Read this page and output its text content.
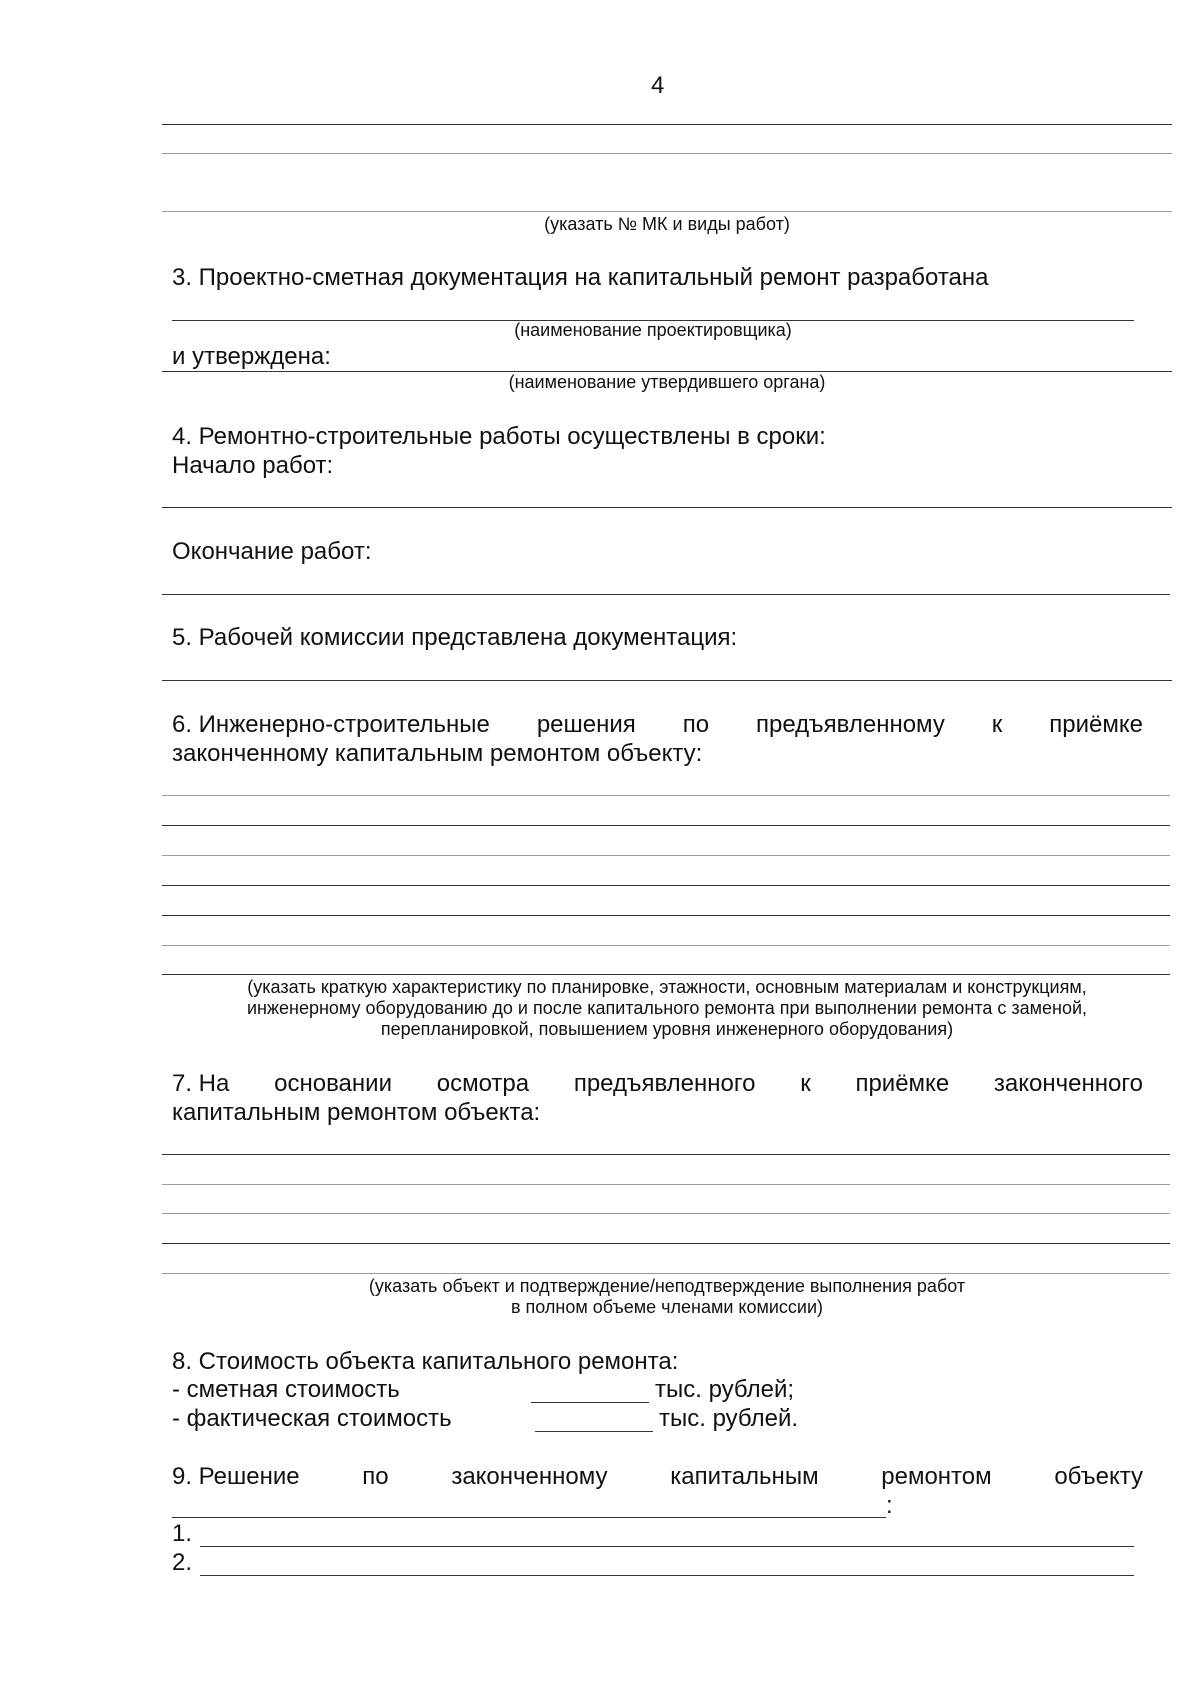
4
(указать № МК и виды работ)
3. Проектно-сметная документация на капитальный ремонт разработана
(наименование проектировщика)
и утверждена:
(наименование утвердившего органа)
4. Ремонтно-строительные работы осуществлены в сроки:
Начало работ:
Окончание работ:
5. Рабочей комиссии представлена документация:
6. Инженерно-строительные решения по предъявленному к приёмке
законченному капитальным ремонтом объекту:
(указать краткую характеристику по планировке, этажности, основным материалам и конструкциям,
инженерному оборудованию до и после капитального ремонта при выполнении ремонта с заменой,
перепланировкой, повышением уровня инженерного оборудования)
7. На основании осмотра предъявленного к приёмке законченного
капитальным ремонтом объекта:
(указать объект и подтверждение/неподтверждение выполнения работ
в полном объеме членами комиссии)
8. Стоимость объекта капитального ремонта:
- сметная стоимость	тыс. рублей;
- фактическая стоимость	тыс. рублей.
9. Решение	по	законченному	капитальным	ремонтом	объекту
:
1.
2.
